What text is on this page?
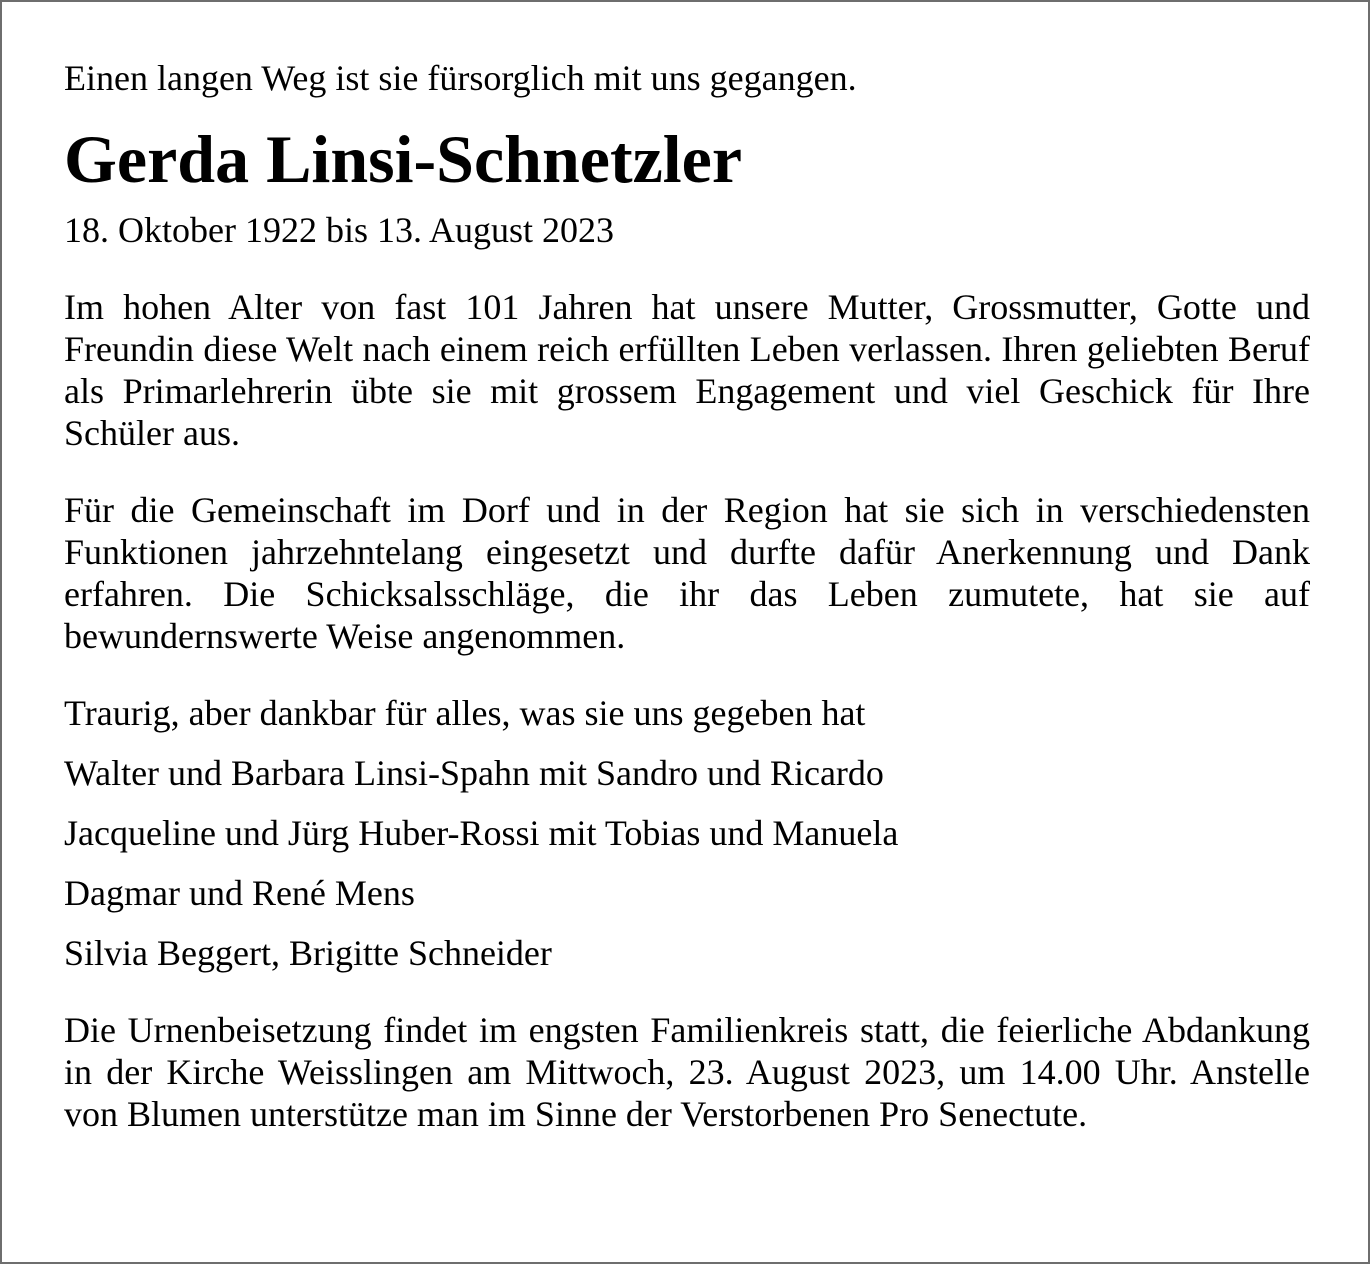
Einen langen Weg ist sie fürsorglich mit uns gegangen.

Gerda Linsi-Schnetzler

18. Oktober 1922 bis 13. August 2023

Im hohen Alter von fast 101 Jahren hat unsere Mutter, Grossmutter, Gotte und Freundin diese Welt nach einem reich erfüllten Leben verlassen. Ihren geliebten Beruf als Primarlehrerin übte sie mit grossem Engagement und viel Geschick für Ihre Schüler aus.

Für die Gemeinschaft im Dorf und in der Region hat sie sich in verschiedensten Funktionen jahrzehntelang eingesetzt und durfte dafür Anerkennung und Dank erfahren. Die Schicksalsschläge, die ihr das Leben zumutete, hat sie auf bewundernswerte Weise angenommen.

Traurig, aber dankbar für alles, was sie uns gegeben hat

Walter und Barbara Linsi-Spahn mit Sandro und Ricardo

Jacqueline und Jürg Huber-Rossi mit Tobias und Manuela

Dagmar und René Mens

Silvia Beggert, Brigitte Schneider

Die Urnenbeisetzung findet im engsten Familienkreis statt, die feierliche Abdankung in der Kirche Weisslingen am Mittwoch, 23. August 2023, um 14.00 Uhr. Anstelle von Blumen unterstütze man im Sinne der Verstorbenen Pro Senectute.
